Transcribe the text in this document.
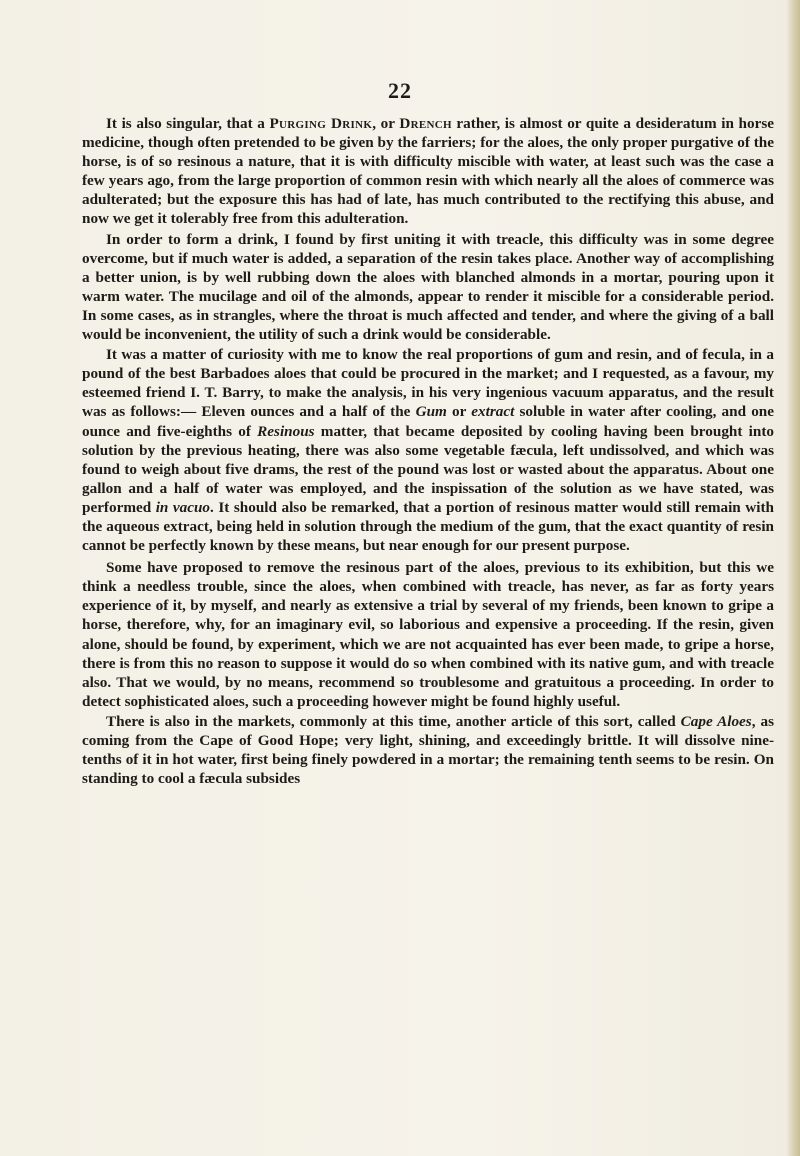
22

It is also singular, that a Purging Drink, or Drench rather, is almost or quite a desideratum in horse medicine, though often pretended to be given by the farriers; for the aloes, the only proper purgative of the horse, is of so resinous a nature, that it is with difficulty miscible with water, at least such was the case a few years ago, from the large proportion of common resin with which nearly all the aloes of commerce was adulterated; but the exposure this has had of late, has much contributed to the rectifying this abuse, and now we get it tolerably free from this adulteration.

In order to form a drink, I found by first uniting it with treacle, this difficulty was in some degree overcome, but if much water is added, a separation of the resin takes place. Another way of accomplishing a better union, is by well rubbing down the aloes with blanched almonds in a mortar, pouring upon it warm water. The mucilage and oil of the almonds, appear to render it miscible for a considerable period. In some cases, as in strangles, where the throat is much affected and tender, and where the giving of a ball would be inconvenient, the utility of such a drink would be considerable.

It was a matter of curiosity with me to know the real proportions of gum and resin, and of fecula, in a pound of the best Barbadoes aloes that could be procured in the market; and I requested, as a favour, my esteemed friend I. T. Barry, to make the analysis, in his very ingenious vacuum apparatus, and the result was as follows:— Eleven ounces and a half of the Gum or extract soluble in water after cooling, and one ounce and five-eighths of Resinous matter, that became deposited by cooling having been brought into solution by the previous heating, there was also some vegetable fæcula, left undissolved, and which was found to weigh about five drams, the rest of the pound was lost or wasted about the apparatus. About one gallon and a half of water was employed, and the inspissation of the solution as we have stated, was performed in vacuo. It should also be remarked, that a portion of resinous matter would still remain with the aqueous extract, being held in solution through the medium of the gum, that the exact quantity of resin cannot be perfectly known by these means, but near enough for our present purpose.

Some have proposed to remove the resinous part of the aloes, previous to its exhibition, but this we think a needless trouble, since the aloes, when combined with treacle, has never, as far as forty years experience of it, by myself, and nearly as extensive a trial by several of my friends, been known to gripe a horse, therefore, why, for an imaginary evil, so laborious and expensive a proceeding. If the resin, given alone, should be found, by experiment, which we are not acquainted has ever been made, to gripe a horse, there is from this no reason to suppose it would do so when combined with its native gum, and with treacle also. That we would, by no means, recommend so troublesome and gratuitous a proceeding. In order to detect sophisticated aloes, such a proceeding however might be found highly useful.

There is also in the markets, commonly at this time, another article of this sort, called Cape Aloes, as coming from the Cape of Good Hope; very light, shining, and exceedingly brittle. It will dissolve nine-tenths of it in hot water, first being finely powdered in a mortar; the remaining tenth seems to be resin. On standing to cool a fæcula subsides
